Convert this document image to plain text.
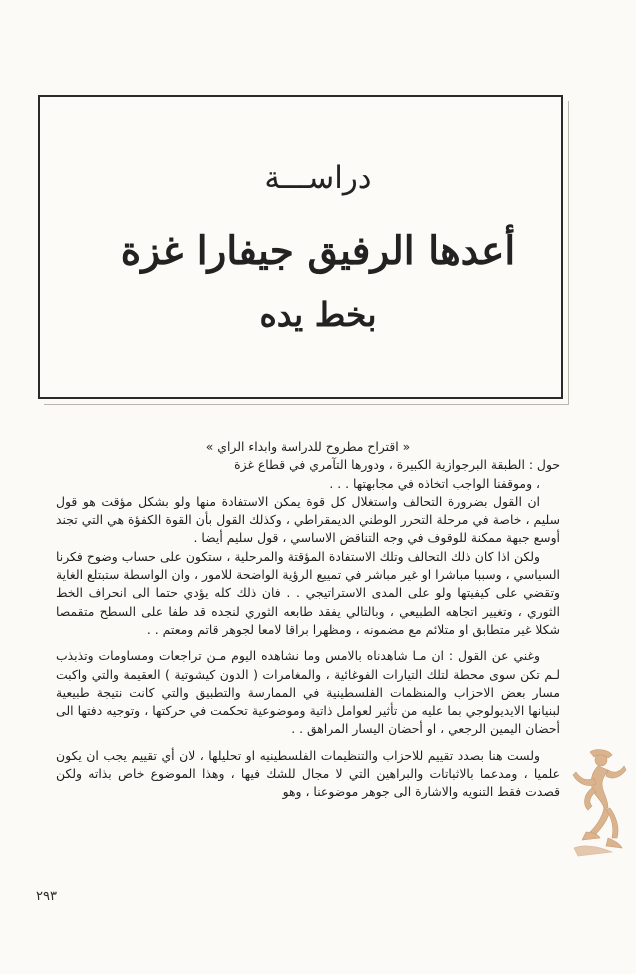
دراســـة
أعدها الرفيق جيفارا غزة
بخط يده

« اقتراح مطروح للدراسة وابداء الراي »

حول : الطبقة البرجوازية الكبيرة ، ودورها التآمري في قطاع غزة

، وموقفنا الواجب اتخاذه في مجابهتها . . .

ان القول بضرورة التحالف واستغلال كل قوة يمكن الاستفادة منها ولو بشكل مؤقت هو قول سليم ، خاصة في مرحلة التحرر الوطني الديمقراطي ، وكذلك القول بأن القوة الكفؤة هي التي تجند أوسع جبهة ممكنة للوقوف في وجه التناقض الاساسي ، قول سليم أيضا .

ولكن اذا كان ذلك التحالف وتلك الاستفادة المؤقتة والمرحلية ، ستكون على حساب وضوح فكرنا السياسي ، وسببا مباشرا او غير مباشر في تمييع الرؤية الواضحة للامور ، وان الواسطة ستبتلع الغاية وتقضي على كيفيتها ولو على المدى الاستراتيجي . . فان ذلك كله يؤدي حتما الى انحراف الخط الثوري ، وتغيير اتجاهه الطبيعي ، وبالتالي يفقد طابعه الثوري لنجده قد طفا على السطح متقمصا شكلا غير متطابق او متلائم مع مضمونه ، ومظهرا براقا لامعا لجوهر قاتم ومعتم . .

وغني عن القول : ان مـا شاهدناه بالامس وما نشاهده اليوم مـن تراجعات ومساومات وتذبذب لـم تكن سوى محطة لتلك التيارات الفوغائية ، والمغامرات ( الدون كيشوتية ) العقيمة والتي واكبت مسار بعض الاحزاب والمنظمات الفلسطينية في الممارسة والتطبيق والتي كانت نتيجة طبيعية لبنيانها الايديولوجي بما عليه من تأثير لعوامل ذاتية وموضوعية تحكمت في حركتها ، وتوجيه دفتها الى أحضان اليمين الرجعي ، او أحضان اليسار المراهق . .

ولست هنا بصدد تقييم للاحزاب والتنظيمات الفلسطينيه او تحليلها ، لان أي تقييم يجب ان يكون علميا ، ومدعما بالاثباتات والبراهين التي لا مجال للشك فيها ، وهذا الموضوع خاص بذاته ولكن قصدت فقط التنويه والاشارة الى جوهر موضوعنا ، وهو

٢٩٣
